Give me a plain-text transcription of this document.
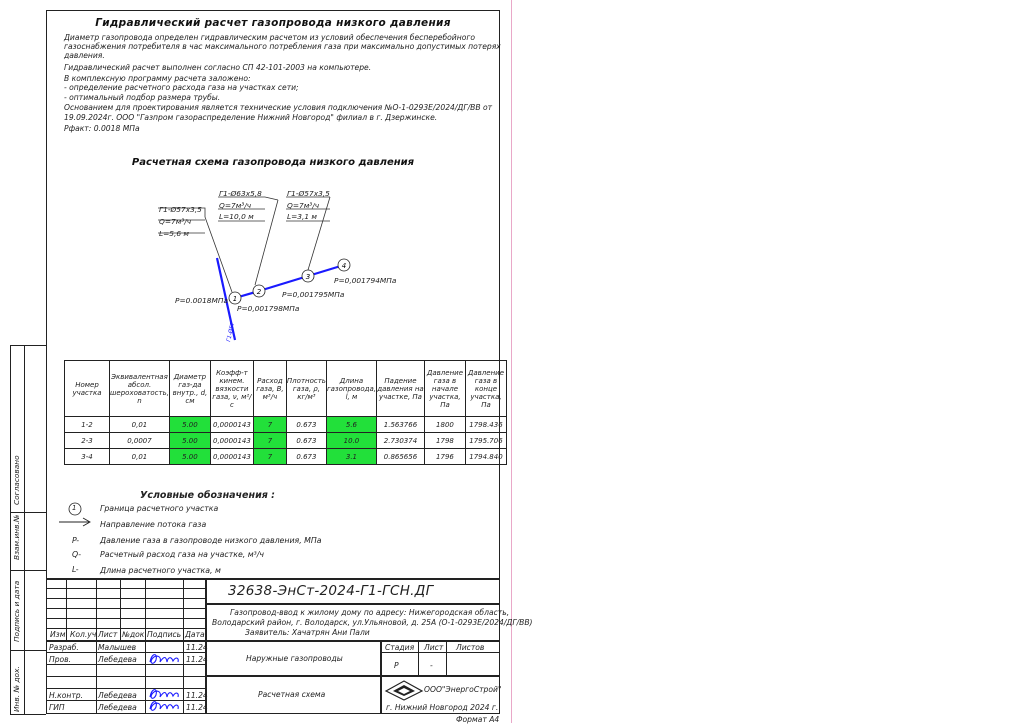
Согласовано
Взам.инв.№
Подпись и дата
Инв. № дох.
Гидравлический расчет газопровода низкого давления
Диаметр газопровода определен гидравлическим расчетом из условий обеспечения бесперебойного
газоснабжения потребителя в час максимального потребления газа при максимально допустимых потерях
давления.
Гидравлический расчет выполнен согласно СП 42-101-2003 на компьютере.
В комплексную программу расчета заложено:
- определение расчетного расхода газа на участках сети;
- оптимальный подбор размера трубы.
Основанием для проектирования является технические условия подключения №О-1-0293Е/2024/ДГ/ВВ от
19.09.2024г. ООО "Газпром газораспределение Нижний Новгород" филиал в г. Дзержинске.
Рфакт: 0.0018 МПа
Расчетная схема газопровода низкого давления
1
2
3
4
Г1-Ø57х3,5
Q=7м³/ч
L=5,6 м
Г1-Ø63х5,8
Q=7м³/ч
L=10,0 м
Г1-Ø57х3,5
Q=7м³/ч
L=3,1 м
P=0.0018МПа
P=0,001798МПа
P=0,001795МПа
P=0,001794МПа
Г1-Ø57
Номер участка	Эквивалентная абсол. шероховатость, n	Диаметр газ-да внутр., d, см	Коэфф-т кинем. вязкости газа, ν, м²/с	Расход газа, В, м³/ч	Плотность газа, ρ, кг/м³	Длина газопровода, l, м	Падение давления на участке, Па	Давление газа в начале участка, Па	Давление газа в конце участка, Па
1-2	0,01	5.00	0,0000143	7	0.673	5.6	1.563766	1800	1798.436
2-3	0,0007	5.00	0,0000143	7	0.673	10.0	2.730374	1798	1795.706
3-4	0,01	5.00	0,0000143	7	0.673	3.1	0.865656	1796	1794.840
Условные обозначения :
1	Граница расчетного участка
Направление потока газа
P-	Давление газа в газопроводе низкого давления, МПа
Q- Расчетный расход газа на участке, м³/ч
L-	Длина расчетного участка, м
32638-ЭнСт-2024-Г1-ГСН.ДГ
Газопровод-ввод к жилому дому по адресу: Нижегородская область,
Володарский район, г. Володарск, ул.Ульяновой, д. 25А (О-1-0293Е/2024/ДГ/ВВ)
Заявитель: Хачатрян Ани Пали
Изм. Кол.уч Лист №док Подпись Дата
Разраб.	Малышев	11.24
Пров.	Лебедева	11.24
Н.контр. Лебедева	11.24
ГИП	Лебедева	11.24
Наружные газопроводы
Стадия Лист Листов
Р	-
Расчетная схема
ООО"ЭнергоСтрой"
г. Нижний Новгород 2024 г.
Формат А4
